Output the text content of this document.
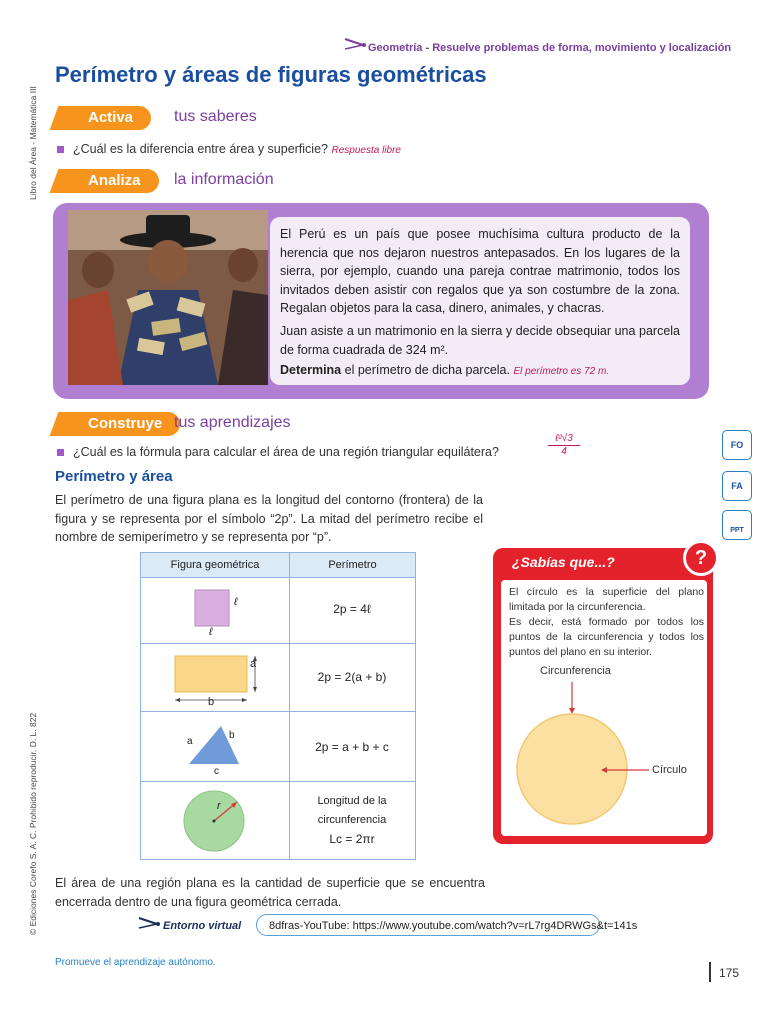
Libro del Área - Matemática III
© Ediciones Corefo S. A. C. Prohibido reproducir. D. L. 822
Geometría - Resuelve problemas de forma, movimiento y localización
Perímetro y áreas de figuras geométricas
Activa	tus saberes
¿Cuál es la diferencia entre área y superficie? Respuesta libre
Analiza	la información

El Perú es un país que posee muchísima cultura producto de la herencia que nos dejaron nuestros antepasados. En los lugares de la sierra, por ejemplo, cuando una pareja contrae matrimonio, todos los invitados deben asistir con regalos que ya son costumbre de la zona. Regalan objetos para la casa, dinero, animales, y chacras.

Juan asiste a un matrimonio en la sierra y decide obsequiar una parcela de forma cuadrada de 324 m².

Determina el perímetro de dicha parcela. El perímetro es 72 m.

Construye tus aprendizajes
¿Cuál es la fórmula para calcular el área de una región triangular equilátera?
ℓ²√3
4
Perímetro y área
El perímetro de una figura plana es la longitud del contorno (frontera) de la figura y se representa por el símbolo “2p”. La mitad del perímetro recibe el nombre de semiperímetro y se representa por “p”.
Figura geométrica	Perímetro
ℓ
ℓ
2p = 4ℓ
a
b
2p = 2(a + b)
a
b
c
2p = a + b + c
r	Longitud de la
circunferencia
Lc = 2πr
¿Sabías que...?	?

El círculo es la superficie del plano limitada por la circunferencia.

Es decir, está formado por todos los puntos de la circunferencia y todos los puntos del plano en su interior.

Circunferencia
Círculo
El área de una región plana es la cantidad de superficie que se encuentra encerrada dentro de una figura geométrica cerrada.
Entorno virtual	8dfras-YouTube: https://www.youtube.com/watch?v=rL7rg4DRWGs&t=141s
FO
FA
PPT
Promueve el aprendizaje autónomo.
175
